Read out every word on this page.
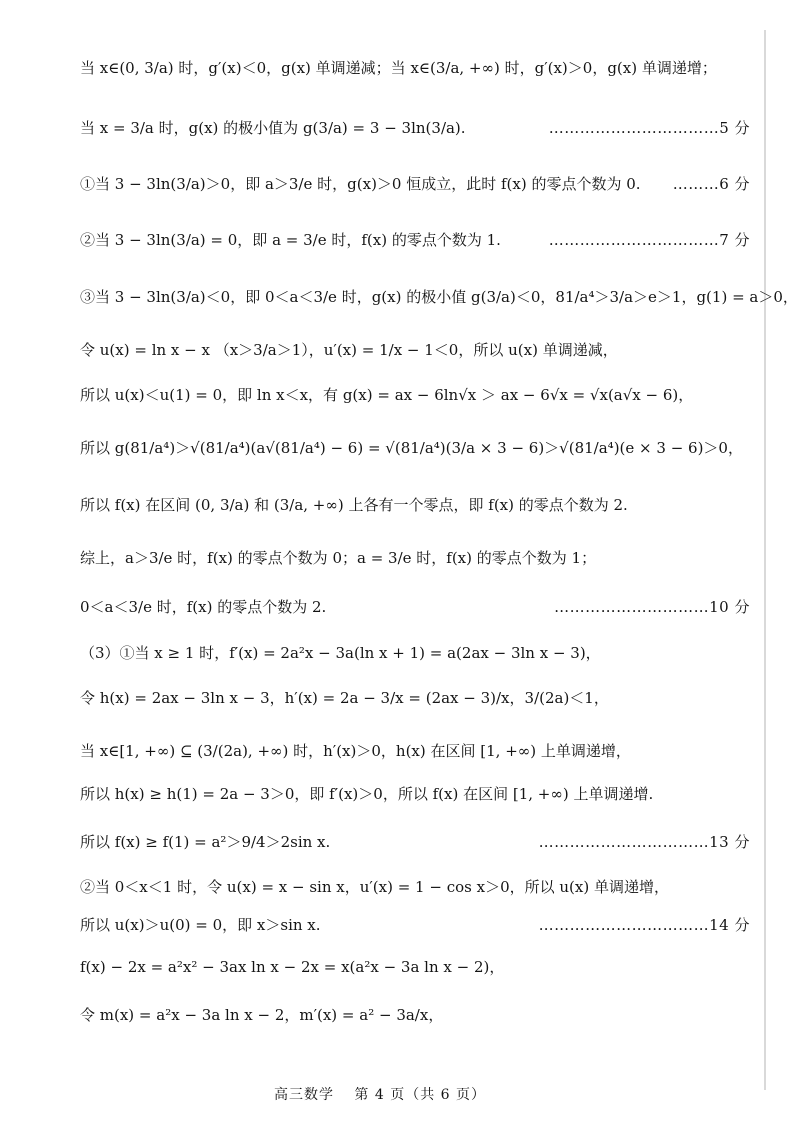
当 x∈(0, 3/a) 时，g′(x)＜0，g(x) 单调递减；当 x∈(3/a, +∞) 时，g′(x)＞0，g(x) 单调递增；
当 x = 3/a 时，g(x) 的极小值为 g(3/a) = 3 − 3ln(3/a).	……………………………5 分
①当 3 − 3ln(3/a)＞0，即 a＞3/e 时，g(x)＞0 恒成立，此时 f(x) 的零点个数为 0. ………6 分
②当 3 − 3ln(3/a) = 0，即 a = 3/e 时，f(x) 的零点个数为 1.	……………………………7 分
③当 3 − 3ln(3/a)＜0，即 0＜a＜3/e 时，g(x) 的极小值 g(3/a)＜0，81/a⁴＞3/a＞e＞1，g(1) = a＞0，
令 u(x) = ln x − x （x＞3/a＞1），u′(x) = 1/x − 1＜0，所以 u(x) 单调递减，
所以 u(x)＜u(1) = 0，即 ln x＜x，有 g(x) = ax − 6ln√x ＞ ax − 6√x = √x(a√x − 6)，
所以 g(81/a⁴)＞√(81/a⁴)(a√(81/a⁴) − 6) = √(81/a⁴)(3/a × 3 − 6)＞√(81/a⁴)(e × 3 − 6)＞0，
所以 f(x) 在区间 (0, 3/a) 和 (3/a, +∞) 上各有一个零点，即 f(x) 的零点个数为 2.
综上，a＞3/e 时，f(x) 的零点个数为 0；a = 3/e 时，f(x) 的零点个数为 1；
0＜a＜3/e 时，f(x) 的零点个数为 2.	…………………………10 分
（3）①当 x ≥ 1 时，f′(x) = 2a²x − 3a(ln x + 1) = a(2ax − 3ln x − 3)，
令 h(x) = 2ax − 3ln x − 3，h′(x) = 2a − 3/x = (2ax − 3)/x，3/(2a)＜1，
当 x∈[1, +∞) ⊆ (3/(2a), +∞) 时，h′(x)＞0，h(x) 在区间 [1, +∞) 上单调递增，
所以 h(x) ≥ h(1) = 2a − 3＞0，即 f′(x)＞0，所以 f(x) 在区间 [1, +∞) 上单调递增.
所以 f(x) ≥ f(1) = a²＞9/4＞2sin x.	……………………………13 分
②当 0＜x＜1 时，令 u(x) = x − sin x，u′(x) = 1 − cos x＞0，所以 u(x) 单调递增，
所以 u(x)＞u(0) = 0，即 x＞sin x.	……………………………14 分
f(x) − 2x = a²x² − 3ax ln x − 2x = x(a²x − 3a ln x − 2)，
令 m(x) = a²x − 3a ln x − 2，m′(x) = a² − 3a/x，
高三数学　 第 4 页（共 6 页）
